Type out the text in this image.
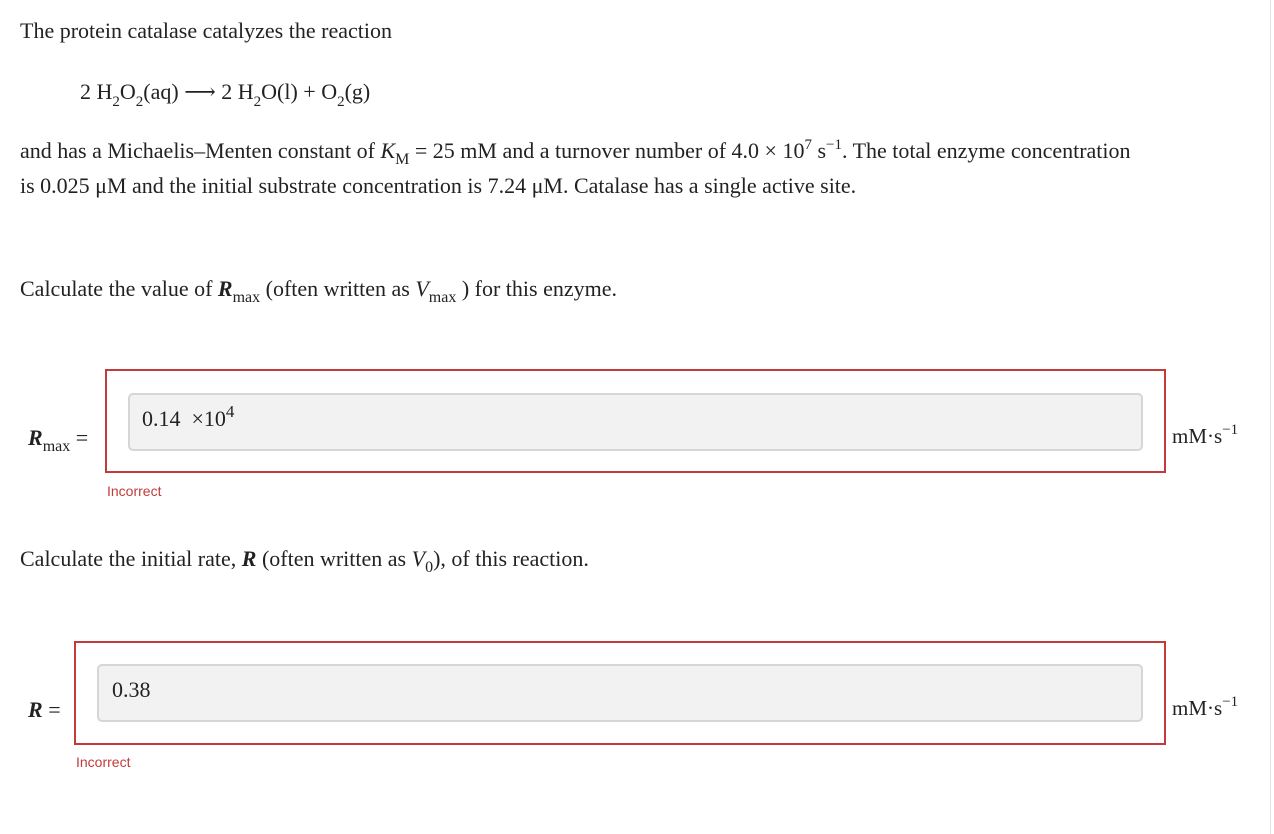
The protein catalase catalyzes the reaction
2 $H_2O_2(aq)$ ⟶ 2 $H_2O(l) + O_2(g)$
and has a Michaelis–Menten constant of $K_M = 25$ mM and a turnover number of $4.0 \times 10^7$ $s^{-1}$. The total enzyme concentration
is 0.025 μM and the initial substrate concentration is 7.24 μM. Catalase has a single active site.
Calculate the value of $R_{max}$ (often written as $V_{max}$ ) for this enzyme.
$R_{max}$ =
$0.14 \times 10^4$
$mM\cdot s^{-1}$
Incorrect
Calculate the initial rate, R (often written as $V_0$), of this reaction.
R =
0.38
$mM\cdot s^{-1}$
Incorrect
